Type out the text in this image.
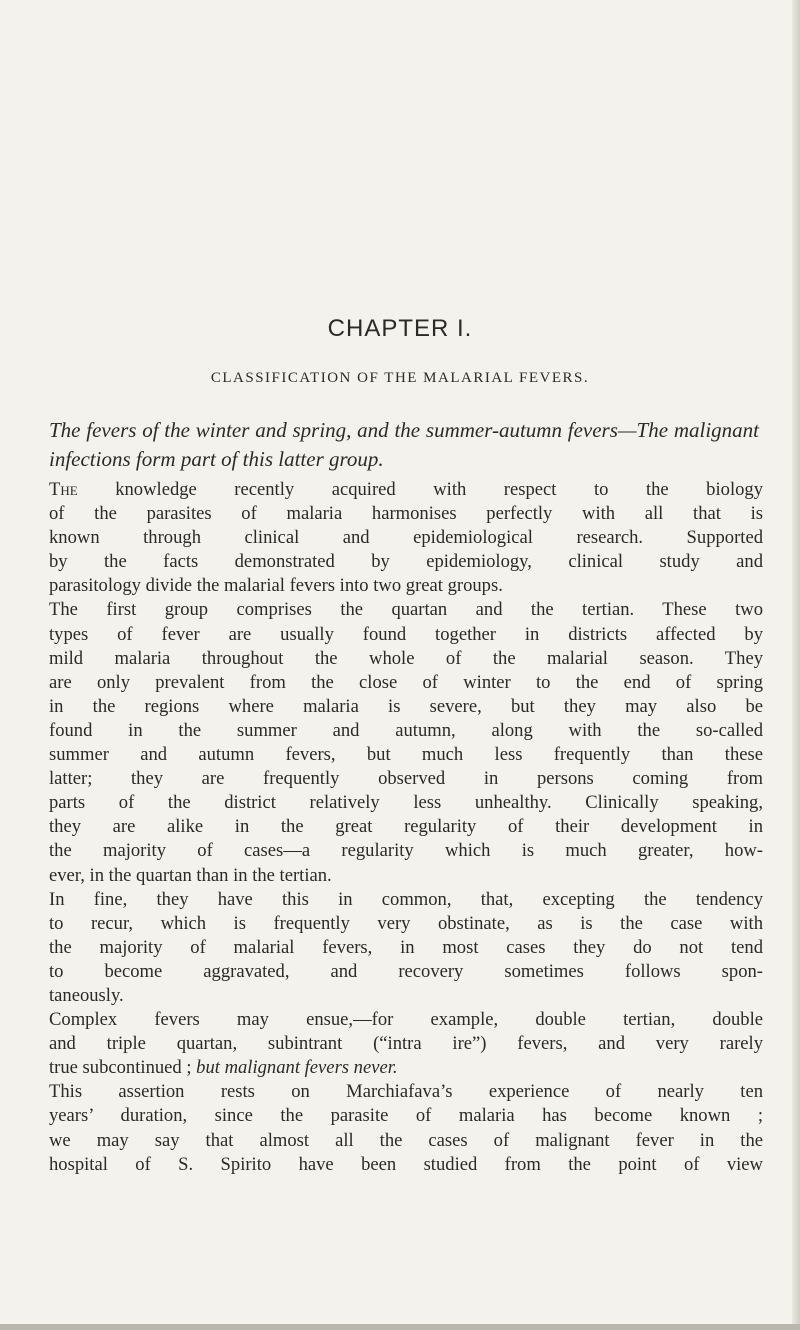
CHAPTER I.
CLASSIFICATION OF THE MALARIAL FEVERS.
The fevers of the winter and spring, and the summer-autumn fevers—The malignant infections form part of this latter group.
The knowledge recently acquired with respect to the biology
of the parasites of malaria harmonises perfectly with all that is
known through clinical and epidemiological research. Supported
by the facts demonstrated by epidemiology, clinical study and
parasitology divide the malarial fevers into two great groups.
The first group comprises the quartan and the tertian. These two
types of fever are usually found together in districts affected by
mild malaria throughout the whole of the malarial season. They
are only prevalent from the close of winter to the end of spring
in the regions where malaria is severe, but they may also be
found in the summer and autumn, along with the so-called
summer and autumn fevers, but much less frequently than these
latter; they are frequently observed in persons coming from
parts of the district relatively less unhealthy. Clinically speaking,
they are alike in the great regularity of their development in
the majority of cases—a regularity which is much greater, how-
ever, in the quartan than in the tertian.
In fine, they have this in common, that, excepting the tendency
to recur, which is frequently very obstinate, as is the case with
the majority of malarial fevers, in most cases they do not tend
to become aggravated, and recovery sometimes follows spon-
taneously.
Complex fevers may ensue,—for example, double tertian, double
and triple quartan, subintrant (“intra ire”) fevers, and very rarely
true subcontinued ; but malignant fevers never.
This assertion rests on Marchiafava’s experience of nearly ten
years’ duration, since the parasite of malaria has become known ;
we may say that almost all the cases of malignant fever in the
hospital of S. Spirito have been studied from the point of view
